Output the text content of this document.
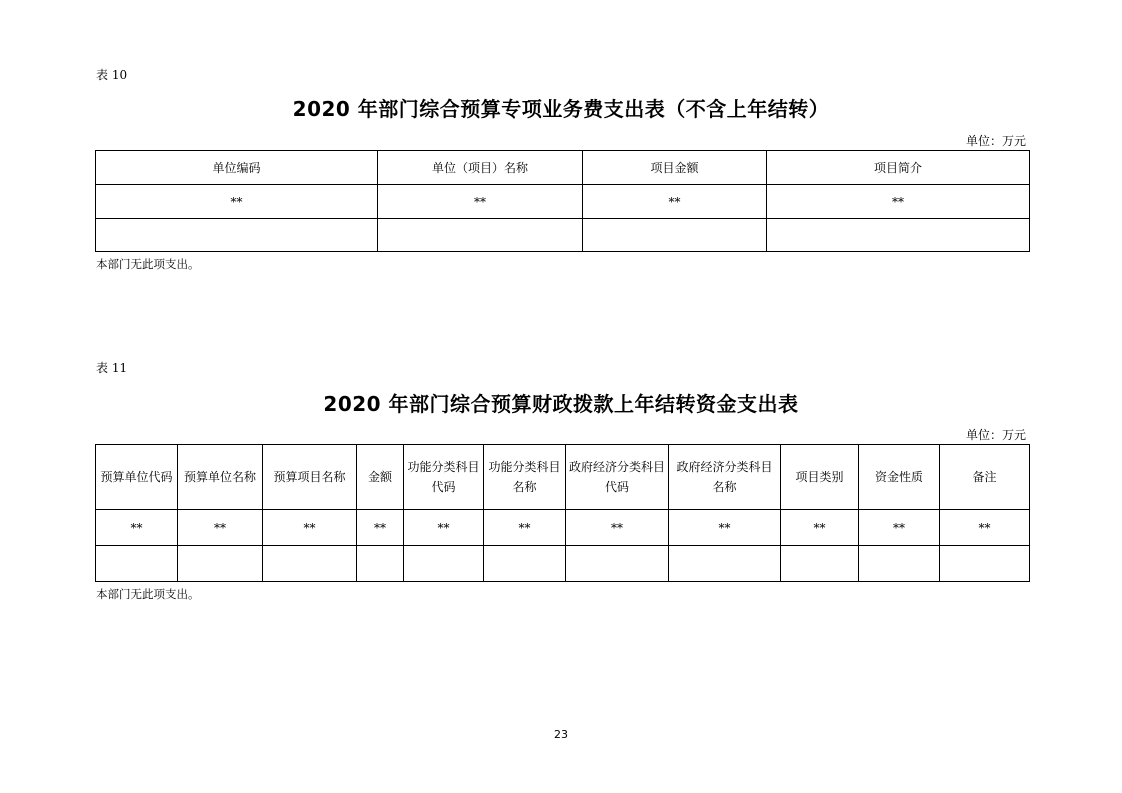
表 10
2020 年部门综合预算专项业务费支出表（不含上年结转）
单位：万元
单位编码	单位（项目）名称	项目金额	项目简介
**	**	**	**

本部门无此项支出。
表 11
2020 年部门综合预算财政拨款上年结转资金支出表
单位：万元
预算单位代码	预算单位名称	预算项目名称	金额	功能分类科目代码	功能分类科目名称	政府经济分类科目代码	政府经济分类科目名称	项目类别	资金性质	备注
**	**	**	**	**	**	**	**	**	**	**

本部门无此项支出。
23
